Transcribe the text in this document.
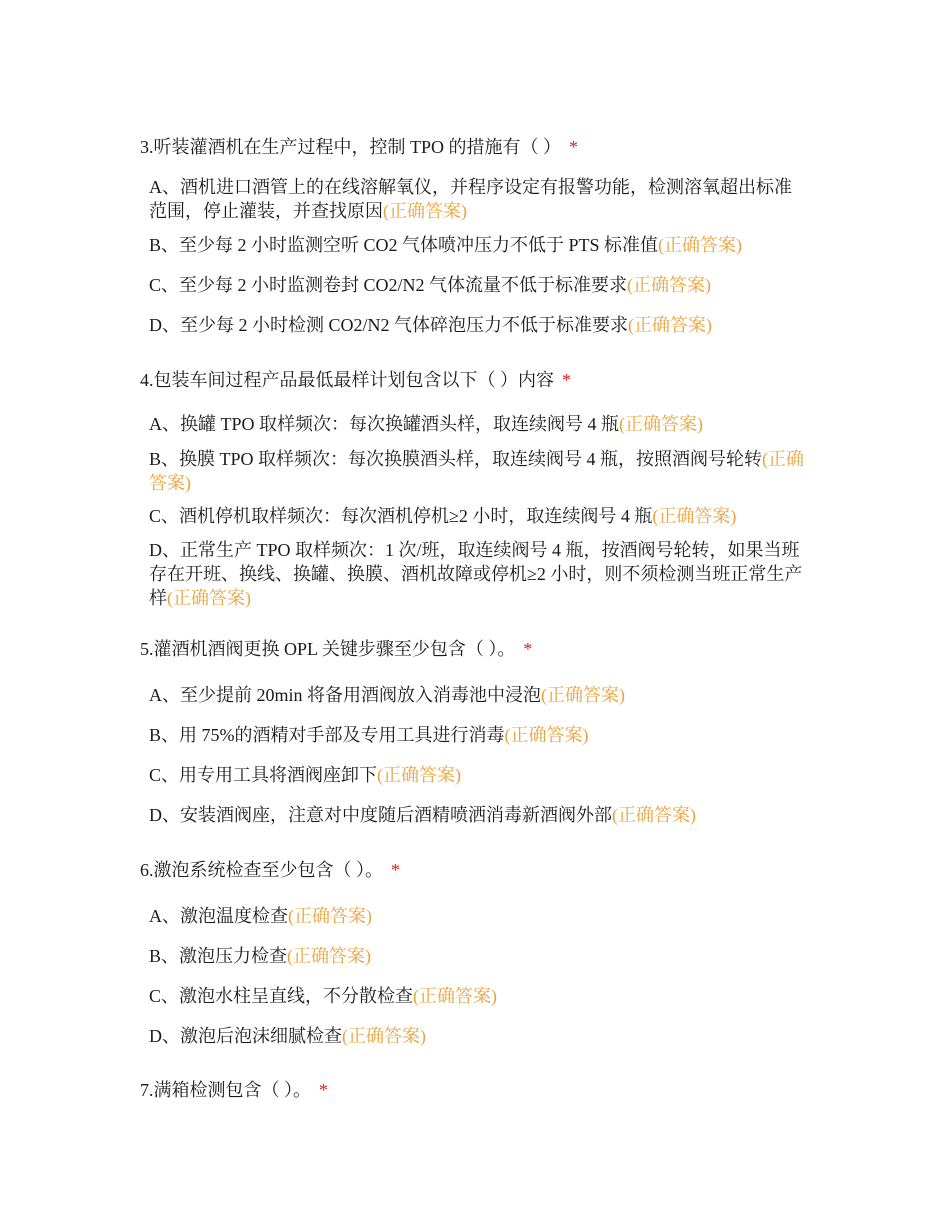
3.听装灌酒机在生产过程中，控制 TPO 的措施有（ ） *

A、酒机进口酒管上的在线溶解氧仪，并程序设定有报警功能，检测溶氧超出标准范围，停止灌装，并查找原因(正确答案)

B、至少每 2 小时监测空听 CO2 气体喷冲压力不低于 PTS 标准值(正确答案)

C、至少每 2 小时监测卷封 CO2/N2 气体流量不低于标准要求(正确答案)

D、至少每 2 小时检测 CO2/N2 气体碎泡压力不低于标准要求(正确答案)

4.包装车间过程产品最低最样计划包含以下（ ）内容 *

A、换罐 TPO 取样频次：每次换罐酒头样，取连续阀号 4 瓶(正确答案)

B、换膜 TPO 取样频次：每次换膜酒头样，取连续阀号 4 瓶，按照酒阀号轮转(正确答案)

C、酒机停机取样频次：每次酒机停机≥2 小时，取连续阀号 4 瓶(正确答案)

D、正常生产 TPO 取样频次：1 次/班，取连续阀号 4 瓶，按酒阀号轮转，如果当班存在开班、换线、换罐、换膜、酒机故障或停机≥2 小时，则不须检测当班正常生产样(正确答案)

5.灌酒机酒阀更换 OPL 关键步骤至少包含（ ）。 *

A、至少提前 20min 将备用酒阀放入消毒池中浸泡(正确答案)

B、用 75%的酒精对手部及专用工具进行消毒(正确答案)

C、用专用工具将酒阀座卸下(正确答案)

D、安装酒阀座，注意对中度随后酒精喷洒消毒新酒阀外部(正确答案)

6.激泡系统检查至少包含（ ）。 *

A、激泡温度检查(正确答案)

B、激泡压力检查(正确答案)

C、激泡水柱呈直线，不分散检查(正确答案)

D、激泡后泡沫细腻检查(正确答案)

7.满箱检测包含（ ）。 *
